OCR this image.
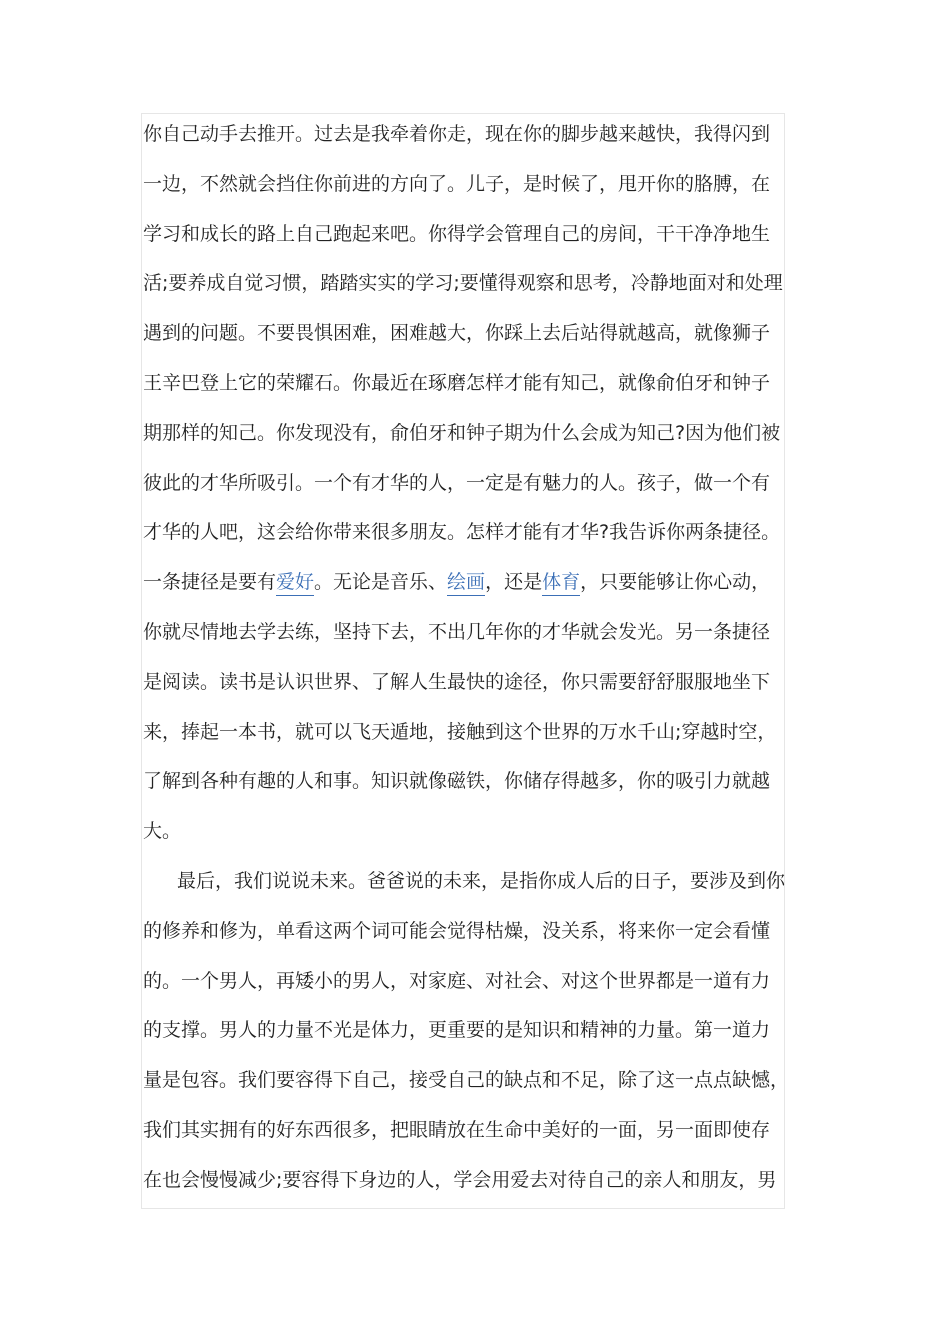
你自己动手去推开。过去是我牵着你走，现在你的脚步越来越快，我得闪到
一边，不然就会挡住你前进的方向了。儿子，是时候了，甩开你的胳膊，在
学习和成长的路上自己跑起来吧。你得学会管理自己的房间，干干净净地生
活;要养成自觉习惯，踏踏实实的学习;要懂得观察和思考，冷静地面对和处理
遇到的问题。不要畏惧困难，困难越大，你踩上去后站得就越高，就像狮子
王辛巴登上它的荣耀石。你最近在琢磨怎样才能有知己，就像俞伯牙和钟子
期那样的知己。你发现没有，俞伯牙和钟子期为什么会成为知己?因为他们被
彼此的才华所吸引。一个有才华的人，一定是有魅力的人。孩子，做一个有
才华的人吧，这会给你带来很多朋友。怎样才能有才华?我告诉你两条捷径。
一条捷径是要有爱好。无论是音乐、绘画，还是体育，只要能够让你心动，
你就尽情地去学去练，坚持下去，不出几年你的才华就会发光。另一条捷径
是阅读。读书是认识世界、了解人生最快的途径，你只需要舒舒服服地坐下
来，捧起一本书，就可以飞天遁地，接触到这个世界的万水千山;穿越时空，
了解到各种有趣的人和事。知识就像磁铁，你储存得越多，你的吸引力就越
大。
最后，我们说说未来。爸爸说的未来，是指你成人后的日子，要涉及到你
的修养和修为，单看这两个词可能会觉得枯燥，没关系，将来你一定会看懂
的。一个男人，再矮小的男人，对家庭、对社会、对这个世界都是一道有力
的支撑。男人的力量不光是体力，更重要的是知识和精神的力量。第一道力
量是包容。我们要容得下自己，接受自己的缺点和不足，除了这一点点缺憾，
我们其实拥有的好东西很多，把眼睛放在生命中美好的一面，另一面即使存
在也会慢慢减少;要容得下身边的人，学会用爱去对待自己的亲人和朋友，男
